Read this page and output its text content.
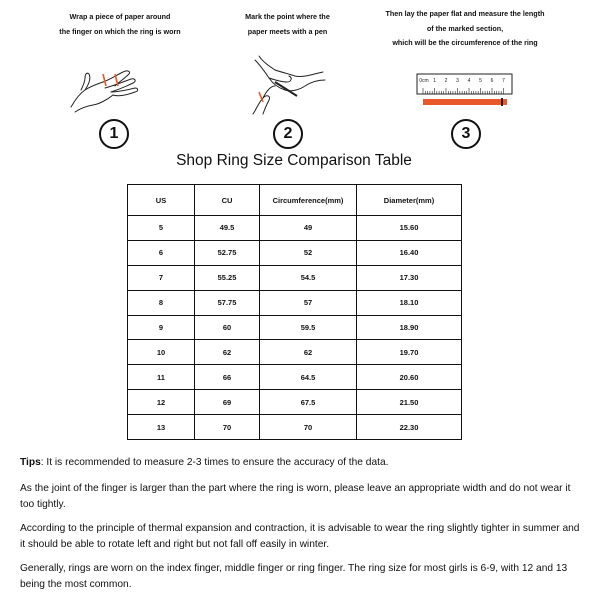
Wrap a piece of paper around
the finger on which the ring is worn
1
Mark the point where the
paper meets with a pen
2
Then lay the paper flat and measure the length
of the marked section,
which will be the circumference of the ring
0cm 1 2 3 4 5 6 7
3
Shop Ring Size Comparison Table
US	CU	Circumference(mm)	Diameter(mm)
5	49.5	49	15.60
6	52.75	52	16.40
7	55.25	54.5	17.30
8	57.75	57	18.10
9	60	59.5	18.90
10	62	62	19.70
11	66	64.5	20.60
12	69	67.5	21.50
13	70	70	22.30
Tips: It is recommended to measure 2-3 times to ensure the accuracy of the data.
As the joint of the finger is larger than the part where the ring is worn, please leave an appropriate width and do not wear it too tightly.
According to the principle of thermal expansion and contraction, it is advisable to wear the ring slightly tighter in summer and it should be able to rotate left and right but not fall off easily in winter.
Generally, rings are worn on the index finger, middle finger or ring finger. The ring size for most girls is 6-9, with 12 and 13 being the most common.
